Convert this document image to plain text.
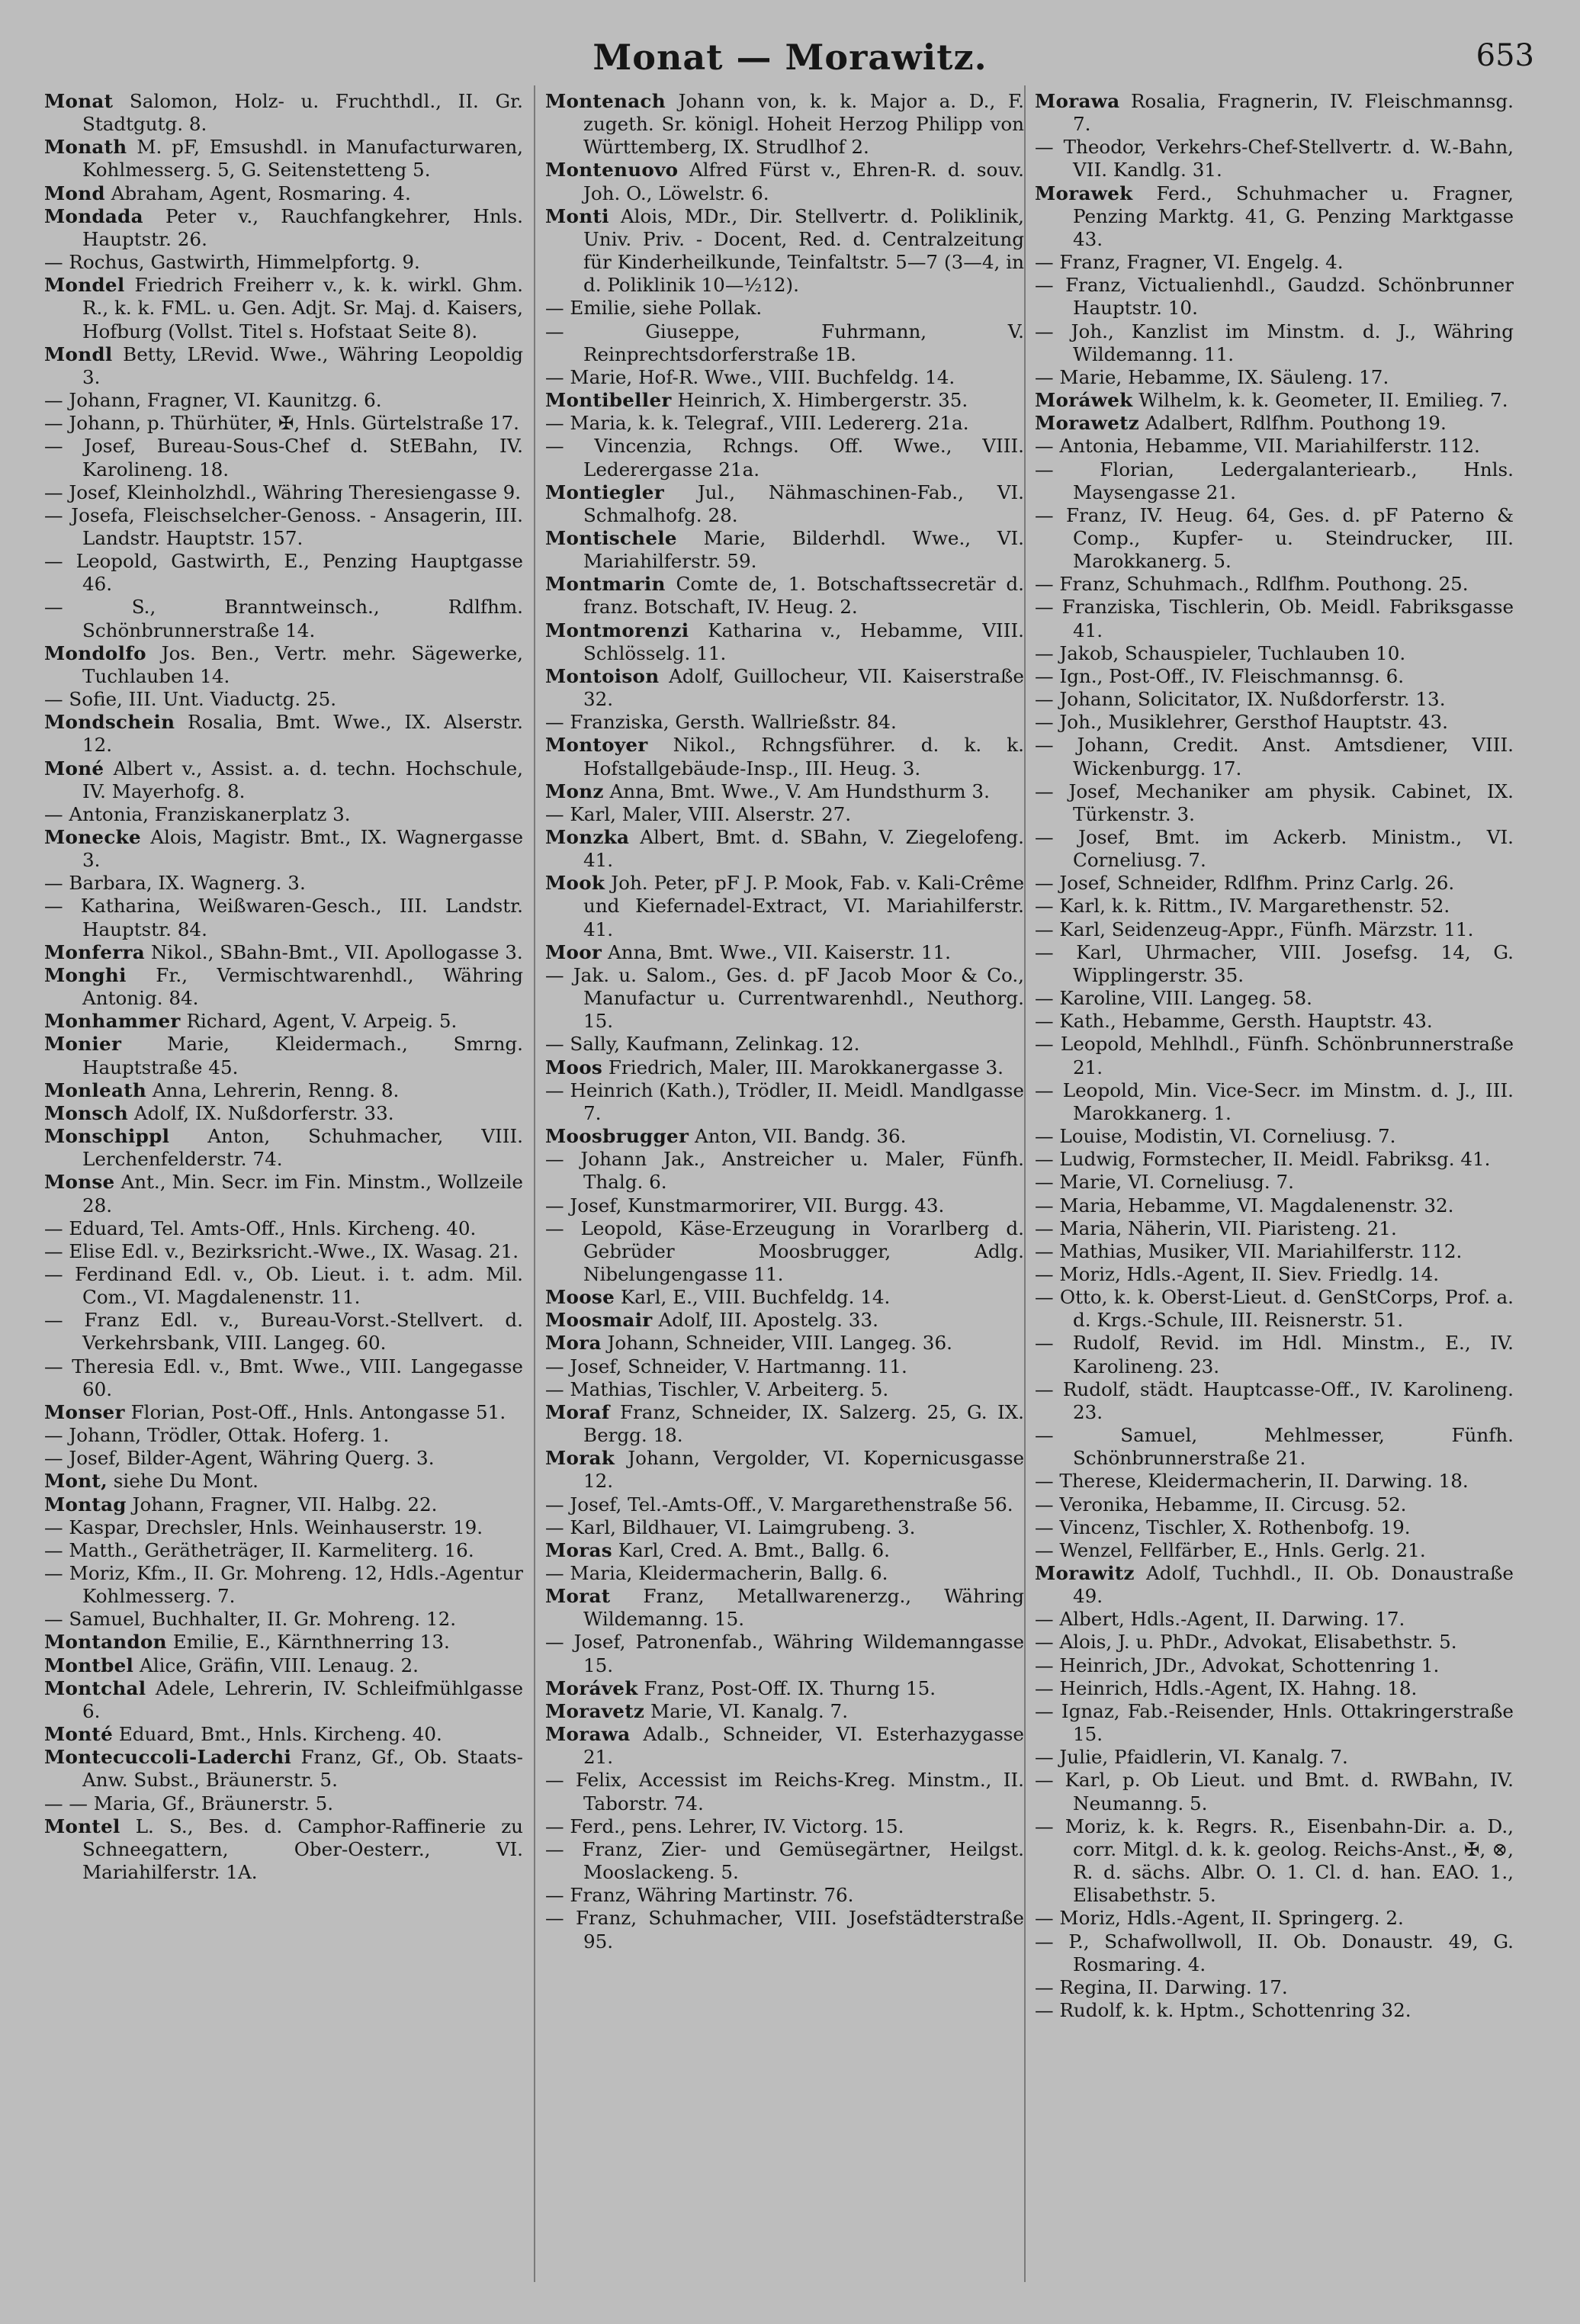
Monat — Morawitz.	653
Monat Salomon, Holz- u. Fruchthdl., II. Gr. Stadtgutg. 8.
Monath M. pF, Emsushdl. in Manufacturwaren, Kohlmesserg. 5, G. Seitenstetteng 5.
Mond Abraham, Agent, Rosmaring. 4.
Mondada Peter v., Rauchfangkehrer, Hnls. Hauptstr. 26.
— Rochus, Gastwirth, Himmelpfortg. 9.
Mondel Friedrich Freiherr v., k. k. wirkl. Ghm. R., k. k. FML. u. Gen. Adjt. Sr. Maj. d. Kaisers, Hofburg (Vollst. Titel s. Hofstaat Seite 8).
Mondl Betty, LRevid. Wwe., Währing Leopoldig 3.
— Johann, Fragner, VI. Kaunitzg. 6.
— Johann, p. Thürhüter, ✠, Hnls. Gürtelstraße 17.
— Josef, Bureau-Sous-Chef d. StEBahn, IV. Karolineng. 18.
— Josef, Kleinholzhdl., Währing Theresiengasse 9.
— Josefa, Fleischselcher-Genoss. - Ansagerin, III. Landstr. Hauptstr. 157.
— Leopold, Gastwirth, E., Penzing Hauptgasse 46.
— S., Branntweinsch., Rdlfhm. Schönbrunnerstraße 14.
Mondolfo Jos. Ben., Vertr. mehr. Sägewerke, Tuchlauben 14.
— Sofie, III. Unt. Viaductg. 25.
Mondschein Rosalia, Bmt. Wwe., IX. Alserstr. 12.
Moné Albert v., Assist. a. d. techn. Hochschule, IV. Mayerhofg. 8.
— Antonia, Franziskanerplatz 3.
Monecke Alois, Magistr. Bmt., IX. Wagnergasse 3.
— Barbara, IX. Wagnerg. 3.
— Katharina, Weißwaren-Gesch., III. Landstr. Hauptstr. 84.
Monferra Nikol., SBahn-Bmt., VII. Apollogasse 3.
Monghi Fr., Vermischtwarenhdl., Währing Antonig. 84.
Monhammer Richard, Agent, V. Arpeig. 5.
Monier Marie, Kleidermach., Smrng. Hauptstraße 45.
Monleath Anna, Lehrerin, Renng. 8.
Monsch Adolf, IX. Nußdorferstr. 33.
Monschippl Anton, Schuhmacher, VIII. Lerchenfelderstr. 74.
Monse Ant., Min. Secr. im Fin. Minstm., Wollzeile 28.
— Eduard, Tel. Amts-Off., Hnls. Kircheng. 40.
— Elise Edl. v., Bezirksricht.-Wwe., IX. Wasag. 21.
— Ferdinand Edl. v., Ob. Lieut. i. t. adm. Mil. Com., VI. Magdalenenstr. 11.
— Franz Edl. v., Bureau-Vorst.-Stellvert. d. Verkehrsbank, VIII. Langeg. 60.
— Theresia Edl. v., Bmt. Wwe., VIII. Langegasse 60.
Monser Florian, Post-Off., Hnls. Antongasse 51.
— Johann, Trödler, Ottak. Hoferg. 1.
— Josef, Bilder-Agent, Währing Querg. 3.
Mont, siehe Du Mont.
Montag Johann, Fragner, VII. Halbg. 22.
— Kaspar, Drechsler, Hnls. Weinhauserstr. 19.
— Matth., Gerätheträger, II. Karmeliterg. 16.
— Moriz, Kfm., II. Gr. Mohreng. 12, Hdls.-Agentur Kohlmesserg. 7.
— Samuel, Buchhalter, II. Gr. Mohreng. 12.
Montandon Emilie, E., Kärnthnerring 13.
Montbel Alice, Gräfin, VIII. Lenaug. 2.
Montchal Adele, Lehrerin, IV. Schleifmühlgasse 6.
Monté Eduard, Bmt., Hnls. Kircheng. 40.
Montecuccoli-Laderchi Franz, Gf., Ob. Staats-Anw. Subst., Bräunerstr. 5.
— — Maria, Gf., Bräunerstr. 5.
Montel L. S., Bes. d. Camphor-Raffinerie zu Schneegattern, Ober-Oesterr., VI. Mariahilferstr. 1A.
Montenach Johann von, k. k. Major a. D., F. zugeth. Sr. königl. Hoheit Herzog Philipp von Württemberg, IX. Strudlhof 2.
Montenuovo Alfred Fürst v., Ehren-R. d. souv. Joh. O., Löwelstr. 6.
Monti Alois, MDr., Dir. Stellvertr. d. Poliklinik, Univ. Priv. - Docent, Red. d. Centralzeitung für Kinderheilkunde, Teinfaltstr. 5—7 (3—4, in d. Poliklinik 10—½12).
— Emilie, siehe Pollak.
— Giuseppe, Fuhrmann, V. Reinprechtsdorferstraße 1B.
— Marie, Hof-R. Wwe., VIII. Buchfeldg. 14.
Montibeller Heinrich, X. Himbergerstr. 35.
— Maria, k. k. Telegraf., VIII. Ledererg. 21a.
— Vincenzia, Rchngs. Off. Wwe., VIII. Lederergasse 21a.
Montiegler Jul., Nähmaschinen-Fab., VI. Schmalhofg. 28.
Montischele Marie, Bilderhdl. Wwe., VI. Mariahilferstr. 59.
Montmarin Comte de, 1. Botschaftssecretär d. franz. Botschaft, IV. Heug. 2.
Montmorenzi Katharina v., Hebamme, VIII. Schlösselg. 11.
Montoison Adolf, Guillocheur, VII. Kaiserstraße 32.
— Franziska, Gersth. Wallrießstr. 84.
Montoyer Nikol., Rchngsführer. d. k. k. Hofstallgebäude-Insp., III. Heug. 3.
Monz Anna, Bmt. Wwe., V. Am Hundsthurm 3.
— Karl, Maler, VIII. Alserstr. 27.
Monzka Albert, Bmt. d. SBahn, V. Ziegelofeng. 41.
Mook Joh. Peter, pF J. P. Mook, Fab. v. Kali-Crême und Kiefernadel-Extract, VI. Mariahilferstr. 41.
Moor Anna, Bmt. Wwe., VII. Kaiserstr. 11.
— Jak. u. Salom., Ges. d. pF Jacob Moor & Co., Manufactur u. Currentwarenhdl., Neuthorg. 15.
— Sally, Kaufmann, Zelinkag. 12.
Moos Friedrich, Maler, III. Marokkanergasse 3.
— Heinrich (Kath.), Trödler, II. Meidl. Mandlgasse 7.
Moosbrugger Anton, VII. Bandg. 36.
— Johann Jak., Anstreicher u. Maler, Fünfh. Thalg. 6.
— Josef, Kunstmarmorirer, VII. Burgg. 43.
— Leopold, Käse-Erzeugung in Vorarlberg d. Gebrüder Moosbrugger, Adlg. Nibelungengasse 11.
Moose Karl, E., VIII. Buchfeldg. 14.
Moosmair Adolf, III. Apostelg. 33.
Mora Johann, Schneider, VIII. Langeg. 36.
— Josef, Schneider, V. Hartmanng. 11.
— Mathias, Tischler, V. Arbeiterg. 5.
Moraf Franz, Schneider, IX. Salzerg. 25, G. IX. Bergg. 18.
Morak Johann, Vergolder, VI. Kopernicusgasse 12.
— Josef, Tel.-Amts-Off., V. Margarethenstraße 56.
— Karl, Bildhauer, VI. Laimgrubeng. 3.
Moras Karl, Cred. A. Bmt., Ballg. 6.
— Maria, Kleidermacherin, Ballg. 6.
Morat Franz, Metallwarenerzg., Währing Wildemanng. 15.
— Josef, Patronenfab., Währing Wildemanngasse 15.
Morávek Franz, Post-Off. IX. Thurng 15.
Moravetz Marie, VI. Kanalg. 7.
Morawa Adalb., Schneider, VI. Esterhazygasse 21.
— Felix, Accessist im Reichs-Kreg. Minstm., II. Taborstr. 74.
— Ferd., pens. Lehrer, IV. Victorg. 15.
— Franz, Zier- und Gemüsegärtner, Heilgst. Mooslackeng. 5.
— Franz, Währing Martinstr. 76.
— Franz, Schuhmacher, VIII. Josefstädterstraße 95.
Morawa Rosalia, Fragnerin, IV. Fleischmannsg. 7.
— Theodor, Verkehrs-Chef-Stellvertr. d. W.-Bahn, VII. Kandlg. 31.
Morawek Ferd., Schuhmacher u. Fragner, Penzing Marktg. 41, G. Penzing Marktgasse 43.
— Franz, Fragner, VI. Engelg. 4.
— Franz, Victualienhdl., Gaudzd. Schönbrunner Hauptstr. 10.
— Joh., Kanzlist im Minstm. d. J., Währing Wildemanng. 11.
— Marie, Hebamme, IX. Säuleng. 17.
Moráwek Wilhelm, k. k. Geometer, II. Emilieg. 7.
Morawetz Adalbert, Rdlfhm. Pouthong 19.
— Antonia, Hebamme, VII. Mariahilferstr. 112.
— Florian, Ledergalanteriearb., Hnls. Maysengasse 21.
— Franz, IV. Heug. 64, Ges. d. pF Paterno & Comp., Kupfer- u. Steindrucker, III. Marokkanerg. 5.
— Franz, Schuhmach., Rdlfhm. Pouthong. 25.
— Franziska, Tischlerin, Ob. Meidl. Fabriksgasse 41.
— Jakob, Schauspieler, Tuchlauben 10.
— Ign., Post-Off., IV. Fleischmannsg. 6.
— Johann, Solicitator, IX. Nußdorferstr. 13.
— Joh., Musiklehrer, Gersthof Hauptstr. 43.
— Johann, Credit. Anst. Amtsdiener, VIII. Wickenburgg. 17.
— Josef, Mechaniker am physik. Cabinet, IX. Türkenstr. 3.
— Josef, Bmt. im Ackerb. Ministm., VI. Corneliusg. 7.
— Josef, Schneider, Rdlfhm. Prinz Carlg. 26.
— Karl, k. k. Rittm., IV. Margarethenstr. 52.
— Karl, Seidenzeug-Appr., Fünfh. Märzstr. 11.
— Karl, Uhrmacher, VIII. Josefsg. 14, G. Wipplingerstr. 35.
— Karoline, VIII. Langeg. 58.
— Kath., Hebamme, Gersth. Hauptstr. 43.
— Leopold, Mehlhdl., Fünfh. Schönbrunnerstraße 21.
— Leopold, Min. Vice-Secr. im Minstm. d. J., III. Marokkanerg. 1.
— Louise, Modistin, VI. Corneliusg. 7.
— Ludwig, Formstecher, II. Meidl. Fabriksg. 41.
— Marie, VI. Corneliusg. 7.
— Maria, Hebamme, VI. Magdalenenstr. 32.
— Maria, Näherin, VII. Piaristeng. 21.
— Mathias, Musiker, VII. Mariahilferstr. 112.
— Moriz, Hdls.-Agent, II. Siev. Friedlg. 14.
— Otto, k. k. Oberst-Lieut. d. GenStCorps, Prof. a. d. Krgs.-Schule, III. Reisnerstr. 51.
— Rudolf, Revid. im Hdl. Minstm., E., IV. Karolineng. 23.
— Rudolf, städt. Hauptcasse-Off., IV. Karolineng. 23.
— Samuel, Mehlmesser, Fünfh. Schönbrunnerstraße 21.
— Therese, Kleidermacherin, II. Darwing. 18.
— Veronika, Hebamme, II. Circusg. 52.
— Vincenz, Tischler, X. Rothenbofg. 19.
— Wenzel, Fellfärber, E., Hnls. Gerlg. 21.
Morawitz Adolf, Tuchhdl., II. Ob. Donaustraße 49.
— Albert, Hdls.-Agent, II. Darwing. 17.
— Alois, J. u. PhDr., Advokat, Elisabethstr. 5.
— Heinrich, JDr., Advokat, Schottenring 1.
— Heinrich, Hdls.-Agent, IX. Hahng. 18.
— Ignaz, Fab.-Reisender, Hnls. Ottakringerstraße 15.
— Julie, Pfaidlerin, VI. Kanalg. 7.
— Karl, p. Ob Lieut. und Bmt. d. RWBahn, IV. Neumanng. 5.
— Moriz, k. k. Regrs. R., Eisenbahn-Dir. a. D., corr. Mitgl. d. k. k. geolog. Reichs-Anst., ✠, ⊗, R. d. sächs. Albr. O. 1. Cl. d. han. EAO. 1., Elisabethstr. 5.
— Moriz, Hdls.-Agent, II. Springerg. 2.
— P., Schafwollwoll, II. Ob. Donaustr. 49, G. Rosmaring. 4.
— Regina, II. Darwing. 17.
— Rudolf, k. k. Hptm., Schottenring 32.
